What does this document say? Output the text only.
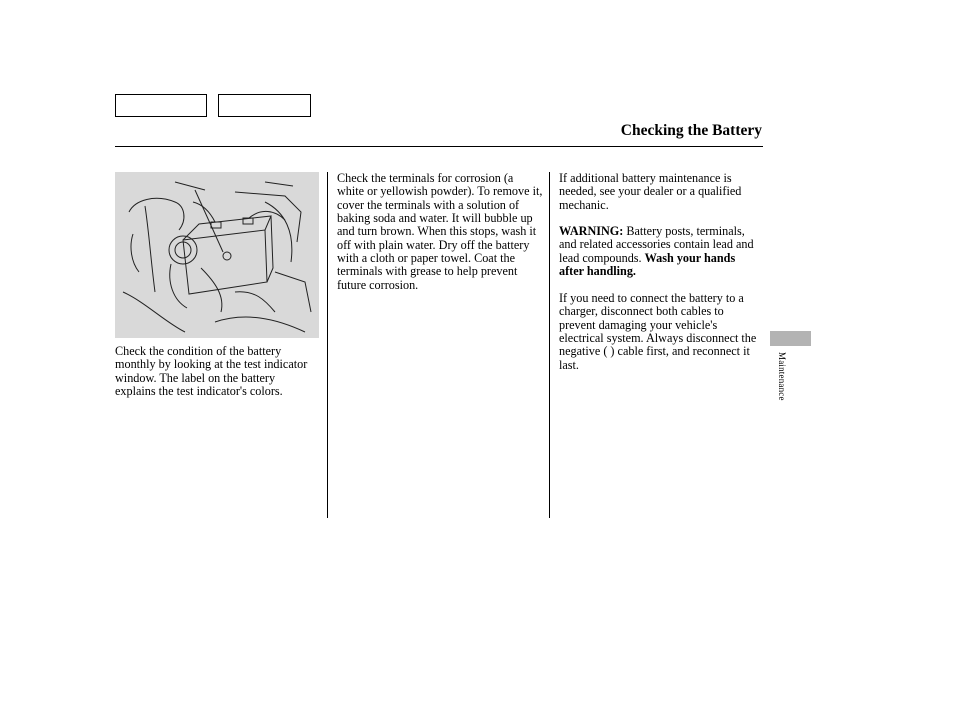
Checking the Battery
Check the condition of the battery monthly by looking at the test indicator window. The label on the battery explains the test indicator's colors.
Check the terminals for corrosion (a white or yellowish powder). To remove it, cover the terminals with a solution of baking soda and water. It will bubble up and turn brown. When this stops, wash it off with plain water. Dry off the battery with a cloth or paper towel. Coat the terminals with grease to help prevent future corrosion.
If additional battery maintenance is needed, see your dealer or a qualified mechanic.
WARNING: Battery posts, terminals, and related accessories contain lead and lead compounds. Wash your hands after handling.
If you need to connect the battery to a charger, disconnect both cables to prevent damaging your vehicle's electrical system. Always disconnect the negative ( ) cable first, and reconnect it last.	Maintenance
